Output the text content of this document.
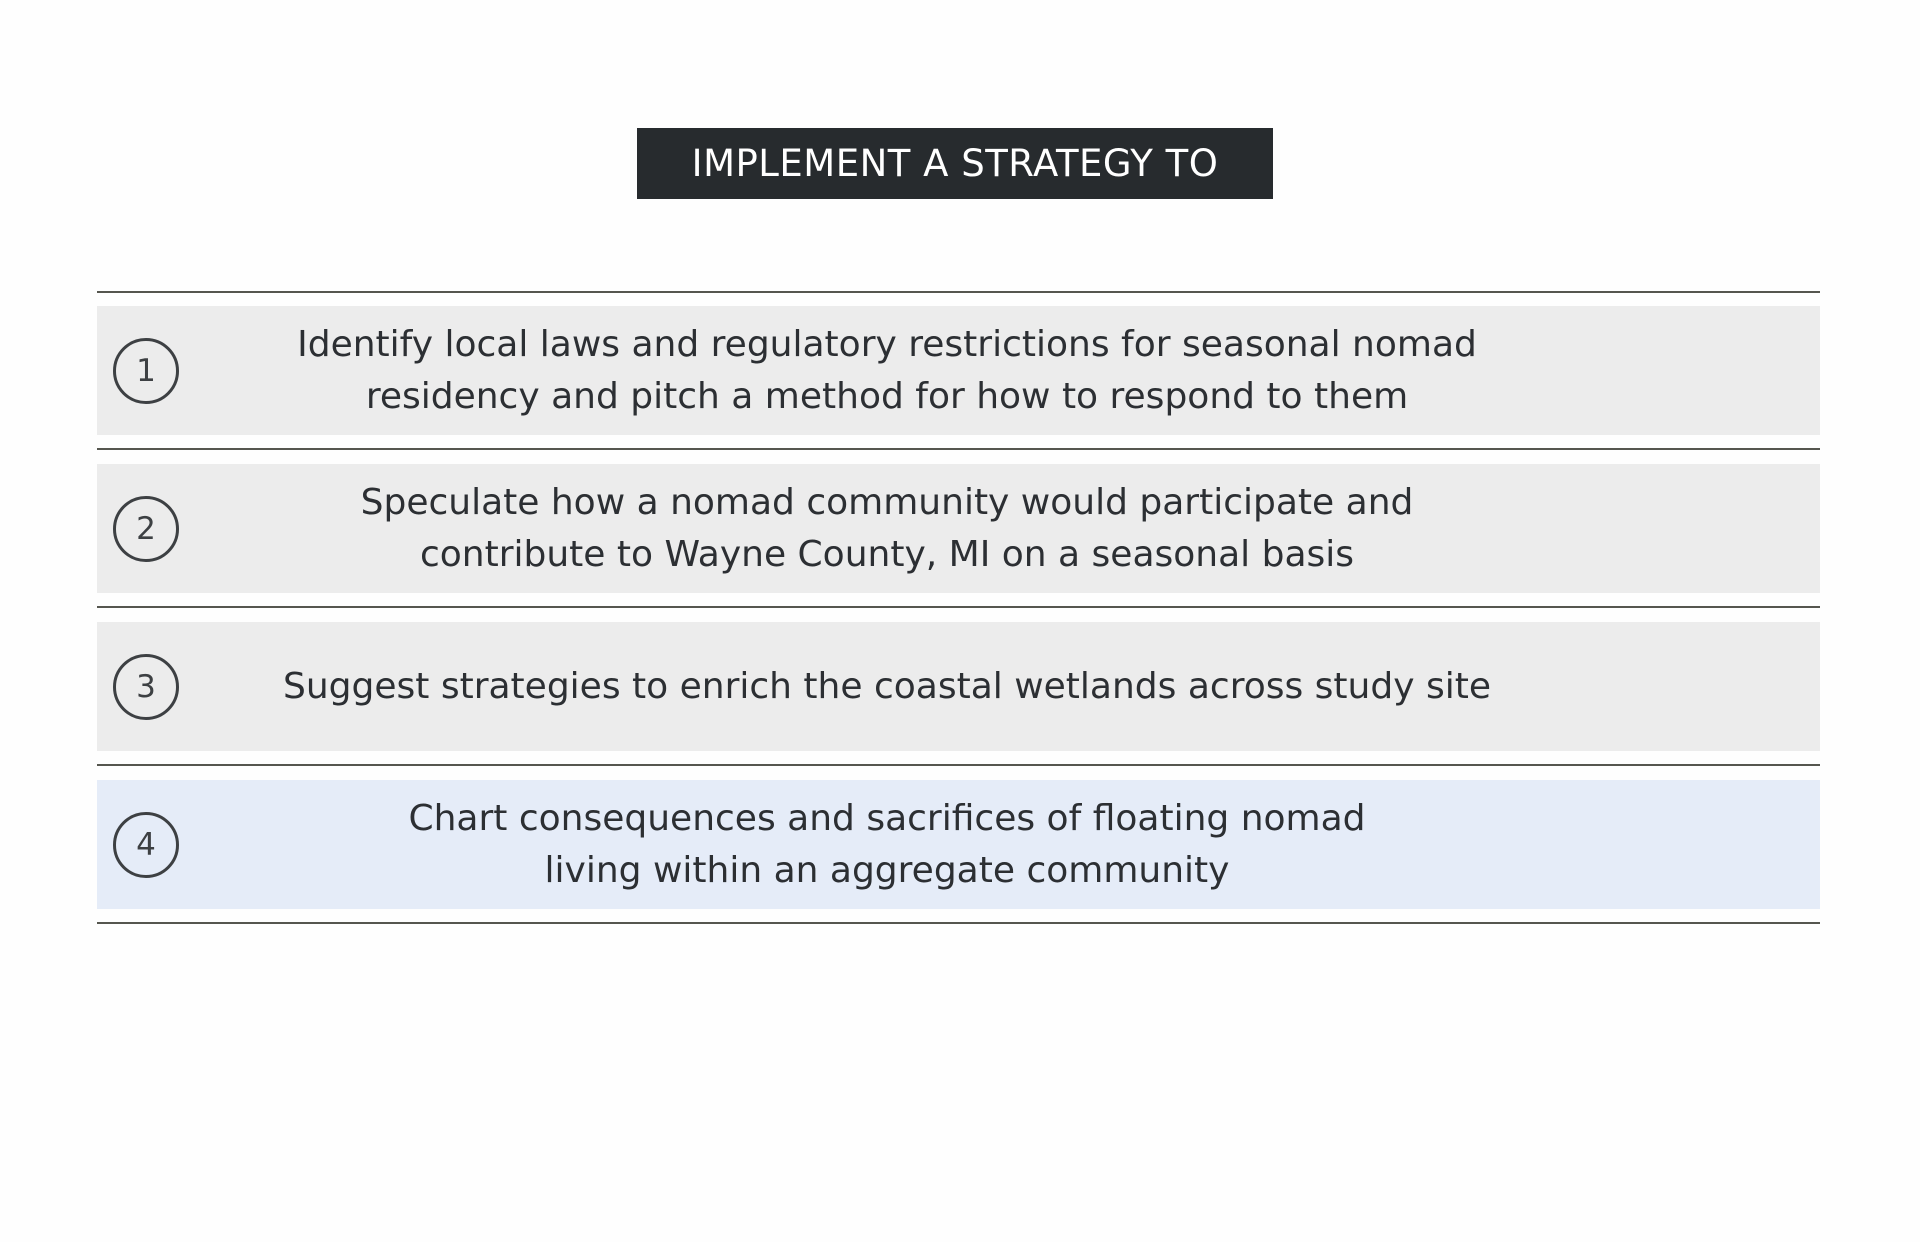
IMPLEMENT A STRATEGY TO
1
Identify local laws and regulatory restrictions for seasonal nomad
residency and pitch a method for how to respond to them
2
Speculate how a nomad community would participate and
contribute to Wayne County, MI on a seasonal basis
3	Suggest strategies to enrich the coastal wetlands across study site
4
Chart consequences and sacrifices of floating nomad
living within an aggregate community
